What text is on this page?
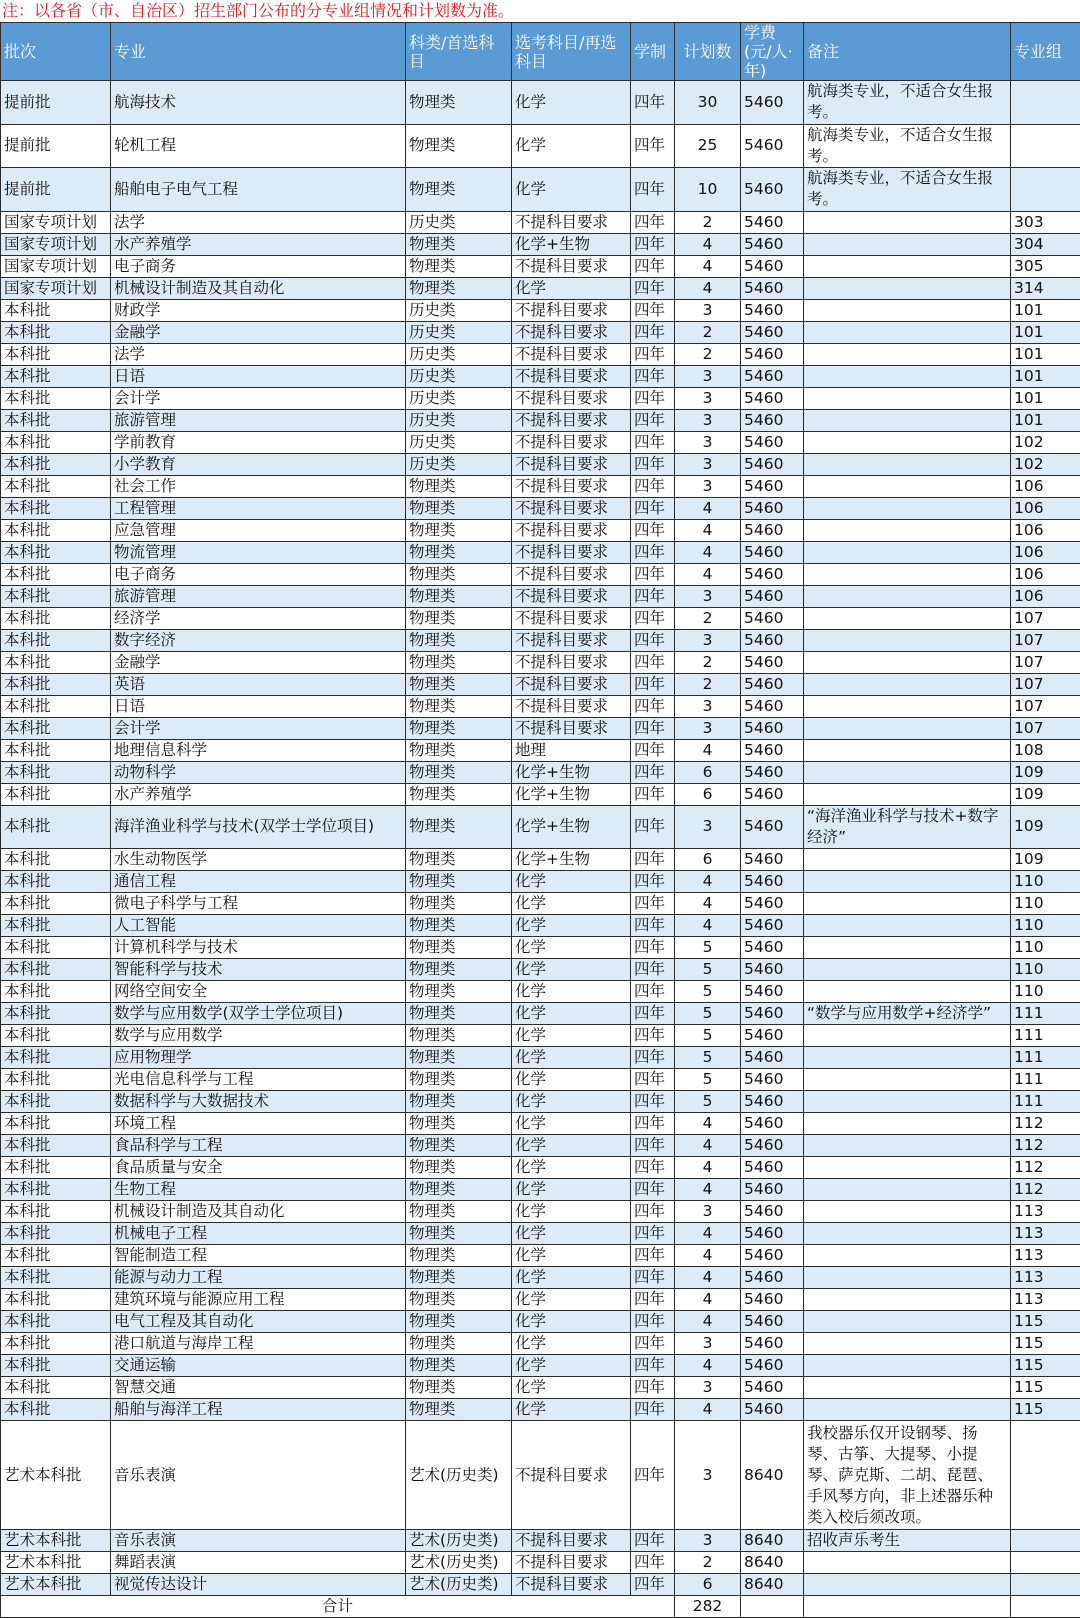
注：以各省（市、自治区）招生部门公布的分专业组情况和计划数为准。
批次	专业	科类/首选科目	选考科目/再选科目	学制	计划数	学费(元/人·年)	备注	专业组
提前批	航海技术	物理类	化学	四年	30	5460	航海类专业，不适合女生报考。	
提前批	轮机工程	物理类	化学	四年	25	5460	航海类专业，不适合女生报考。	
提前批	船舶电子电气工程	物理类	化学	四年	10	5460	航海类专业，不适合女生报考。	
国家专项计划	法学	历史类	不提科目要求	四年	2	5460		303
国家专项计划	水产养殖学	物理类	化学+生物	四年	4	5460		304
国家专项计划	电子商务	物理类	不提科目要求	四年	4	5460		305
国家专项计划	机械设计制造及其自动化	物理类	化学	四年	4	5460		314
本科批	财政学	历史类	不提科目要求	四年	3	5460		101
本科批	金融学	历史类	不提科目要求	四年	2	5460		101
本科批	法学	历史类	不提科目要求	四年	2	5460		101
本科批	日语	历史类	不提科目要求	四年	3	5460		101
本科批	会计学	历史类	不提科目要求	四年	3	5460		101
本科批	旅游管理	历史类	不提科目要求	四年	3	5460		101
本科批	学前教育	历史类	不提科目要求	四年	3	5460		102
本科批	小学教育	历史类	不提科目要求	四年	3	5460		102
本科批	社会工作	物理类	不提科目要求	四年	3	5460		106
本科批	工程管理	物理类	不提科目要求	四年	4	5460		106
本科批	应急管理	物理类	不提科目要求	四年	4	5460		106
本科批	物流管理	物理类	不提科目要求	四年	4	5460		106
本科批	电子商务	物理类	不提科目要求	四年	4	5460		106
本科批	旅游管理	物理类	不提科目要求	四年	3	5460		106
本科批	经济学	物理类	不提科目要求	四年	2	5460		107
本科批	数字经济	物理类	不提科目要求	四年	3	5460		107
本科批	金融学	物理类	不提科目要求	四年	2	5460		107
本科批	英语	物理类	不提科目要求	四年	2	5460		107
本科批	日语	物理类	不提科目要求	四年	3	5460		107
本科批	会计学	物理类	不提科目要求	四年	3	5460		107
本科批	地理信息科学	物理类	地理	四年	4	5460		108
本科批	动物科学	物理类	化学+生物	四年	6	5460		109
本科批	水产养殖学	物理类	化学+生物	四年	6	5460		109
本科批	海洋渔业科学与技术(双学士学位项目)	物理类	化学+生物	四年	3	5460	“海洋渔业科学与技术+数字经济”	109
本科批	水生动物医学	物理类	化学+生物	四年	6	5460		109
本科批	通信工程	物理类	化学	四年	4	5460		110
本科批	微电子科学与工程	物理类	化学	四年	4	5460		110
本科批	人工智能	物理类	化学	四年	4	5460		110
本科批	计算机科学与技术	物理类	化学	四年	5	5460		110
本科批	智能科学与技术	物理类	化学	四年	5	5460		110
本科批	网络空间安全	物理类	化学	四年	5	5460		110
本科批	数学与应用数学(双学士学位项目)	物理类	化学	四年	5	5460	“数学与应用数学+经济学”	111
本科批	数学与应用数学	物理类	化学	四年	5	5460		111
本科批	应用物理学	物理类	化学	四年	5	5460		111
本科批	光电信息科学与工程	物理类	化学	四年	5	5460		111
本科批	数据科学与大数据技术	物理类	化学	四年	5	5460		111
本科批	环境工程	物理类	化学	四年	4	5460		112
本科批	食品科学与工程	物理类	化学	四年	4	5460		112
本科批	食品质量与安全	物理类	化学	四年	4	5460		112
本科批	生物工程	物理类	化学	四年	4	5460		112
本科批	机械设计制造及其自动化	物理类	化学	四年	3	5460		113
本科批	机械电子工程	物理类	化学	四年	4	5460		113
本科批	智能制造工程	物理类	化学	四年	4	5460		113
本科批	能源与动力工程	物理类	化学	四年	4	5460		113
本科批	建筑环境与能源应用工程	物理类	化学	四年	4	5460		113
本科批	电气工程及其自动化	物理类	化学	四年	4	5460		115
本科批	港口航道与海岸工程	物理类	化学	四年	3	5460		115
本科批	交通运输	物理类	化学	四年	4	5460		115
本科批	智慧交通	物理类	化学	四年	3	5460		115
本科批	船舶与海洋工程	物理类	化学	四年	4	5460		115
艺术本科批	音乐表演	艺术(历史类)	不提科目要求	四年	3	8640	我校器乐仅开设钢琴、扬琴、古筝、大提琴、小提琴、萨克斯、二胡、琵琶、手风琴方向，非上述器乐种类入校后须改项。	
艺术本科批	音乐表演	艺术(历史类)	不提科目要求	四年	3	8640	招收声乐考生	
艺术本科批	舞蹈表演	艺术(历史类)	不提科目要求	四年	2	8640		
艺术本科批	视觉传达设计	艺术(历史类)	不提科目要求	四年	6	8640		
合计					282			
